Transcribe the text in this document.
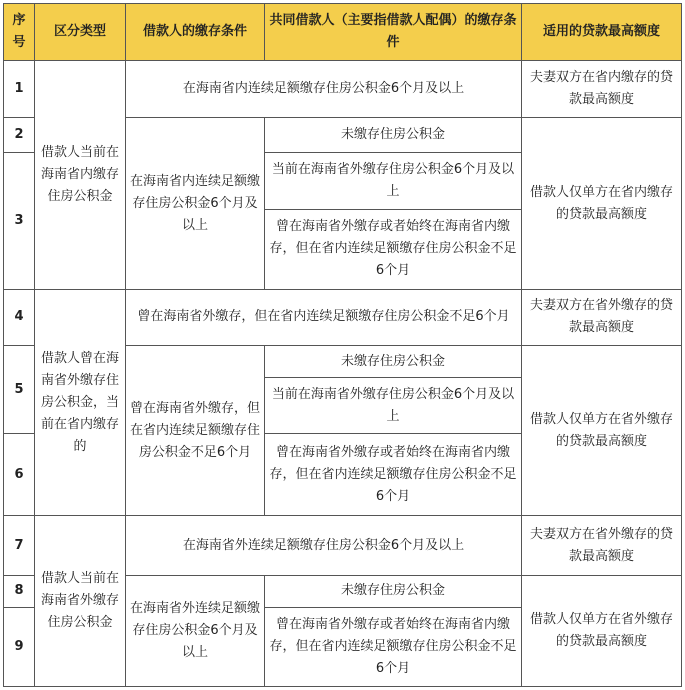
序号	区分类型	借款人的缴存条件	共同借款人（主要指借款人配偶）的缴存条件	适用的贷款最高额度
1	借款人当前在海南省内缴存住房公积金	在海南省内连续足额缴存住房公积金6个月及以上		夫妻双方在省内缴存的贷款最高额度
2		在海南省内连续足额缴存住房公积金6个月及以上	未缴存住房公积金	借款人仅单方在省内缴存的贷款最高额度
3			当前在海南省外缴存住房公积金6个月及以上	
			曾在海南省外缴存或者始终在海南省内缴存，但在省内连续足额缴存住房公积金不足6个月	
4	借款人曾在海南省外缴存住房公积金，当前在省内缴存的	曾在海南省外缴存，但在省内连续足额缴存住房公积金不足6个月		夫妻双方在省外缴存的贷款最高额度
5		曾在海南省外缴存，但在省内连续足额缴存住房公积金不足6个月	未缴存住房公积金	借款人仅单方在省外缴存的贷款最高额度
			当前在海南省外缴存住房公积金6个月及以上	
6			曾在海南省外缴存或者始终在海南省内缴存，但在省内连续足额缴存住房公积金不足6个月	
7	借款人当前在海南省外缴存住房公积金	在海南省外连续足额缴存住房公积金6个月及以上		夫妻双方在省外缴存的贷款最高额度
8		在海南省外连续足额缴存住房公积金6个月及以上	未缴存住房公积金	借款人仅单方在省外缴存的贷款最高额度
9			曾在海南省外缴存或者始终在海南省内缴存，但在省内连续足额缴存住房公积金不足6个月	
